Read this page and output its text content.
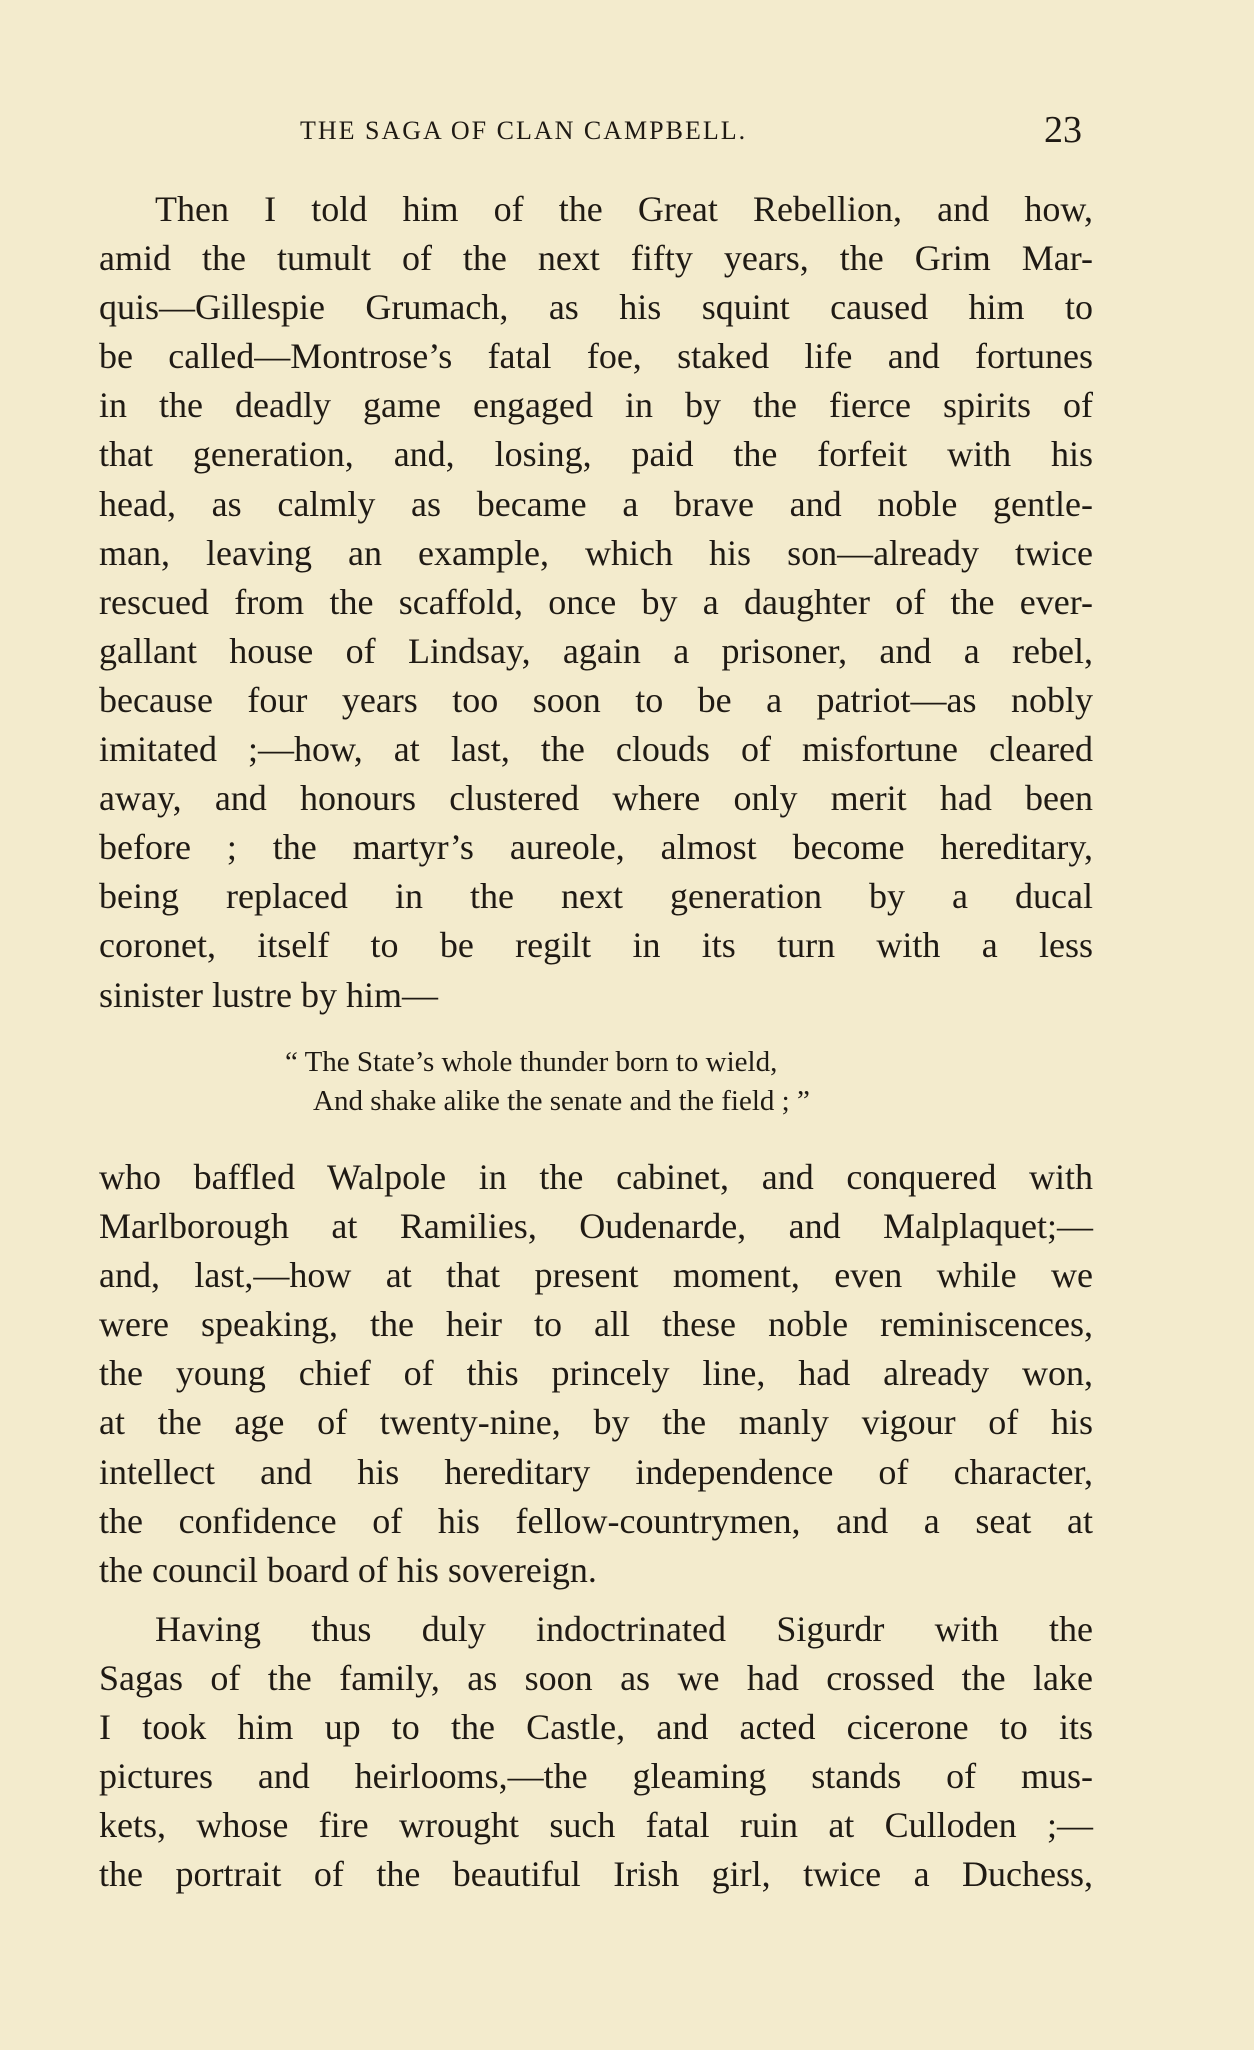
THE SAGA OF CLAN CAMPBELL.	23
Then I told him of the Great Rebellion, and how,
amid the tumult of the next fifty years, the Grim Mar-
quis—Gillespie Grumach, as his squint caused him to
be called—Montrose’s fatal foe, staked life and fortunes
in the deadly game engaged in by the fierce spirits of
that generation, and, losing, paid the forfeit with his
head, as calmly as became a brave and noble gentle-
man, leaving an example, which his son—already twice
rescued from the scaffold, once by a daughter of the ever-
gallant house of Lindsay, again a prisoner, and a rebel,
because four years too soon to be a patriot—as nobly
imitated ;—how, at last, the clouds of misfortune cleared
away, and honours clustered where only merit had been
before ; the martyr’s aureole, almost become hereditary,
being replaced in the next generation by a ducal
coronet, itself to be regilt in its turn with a less
sinister lustre by him—
“ The State’s whole thunder born to wield,
And shake alike the senate and the field ; ”
who baffled Walpole in the cabinet, and conquered with
Marlborough at Ramilies, Oudenarde, and Malplaquet;—
and, last,—how at that present moment, even while we
were speaking, the heir to all these noble reminiscences,
the young chief of this princely line, had already won,
at the age of twenty-nine, by the manly vigour of his
intellect and his hereditary independence of character,
the confidence of his fellow-countrymen, and a seat at
the council board of his sovereign.
Having thus duly indoctrinated Sigurdr with the
Sagas of the family, as soon as we had crossed the lake
I took him up to the Castle, and acted cicerone to its
pictures and heirlooms,—the gleaming stands of mus-
kets, whose fire wrought such fatal ruin at Culloden ;—
the portrait of the beautiful Irish girl, twice a Duchess,
